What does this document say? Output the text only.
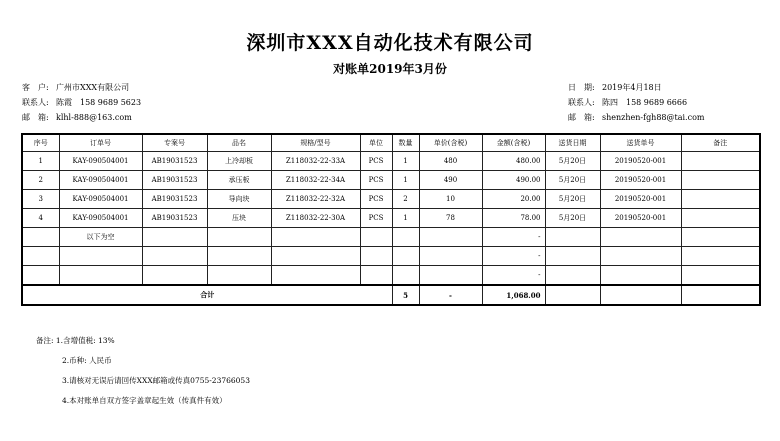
深圳市XXX自动化技术有限公司
对账单2019年3月份
客　户: 广州市XXX有限公司
联系人: 陈霞　158 9689 5623
邮　箱: klhl-888@163.com
日　期: 2019年4月18日
联系人: 陈四　158 9689 6666
邮　箱: shenzhen-fgh88@tai.com
序号	订单号	专案号	品名	规格/型号	单位	数量	单价(含税)	金额(含税)	送货日期	送货单号	备注
1	KAY-090504001	AB19031523	上冷却板	Z118032-22-33A	PCS	1	480	480.00	5月20日	20190520-001	
2	KAY-090504001	AB19031523	承压板	Z118032-22-34A	PCS	1	490	490.00	5月20日	20190520-001	
3	KAY-090504001	AB19031523	导向块	Z118032-22-32A	PCS	2	10	20.00	5月20日	20190520-001	
4	KAY-090504001	AB19031523	压块	Z118032-22-30A	PCS	1	78	78.00	5月20日	20190520-001	
	以下为空							-			
								-			
								-			
合计						5	-	1,068.00			
备注: 1.含增值税: 13%
2.币种: 人民币
3.请核对无误后请回传XXX邮箱或传真0755-23766053
4.本对账单自双方签字盖章起生效（传真件有效）
